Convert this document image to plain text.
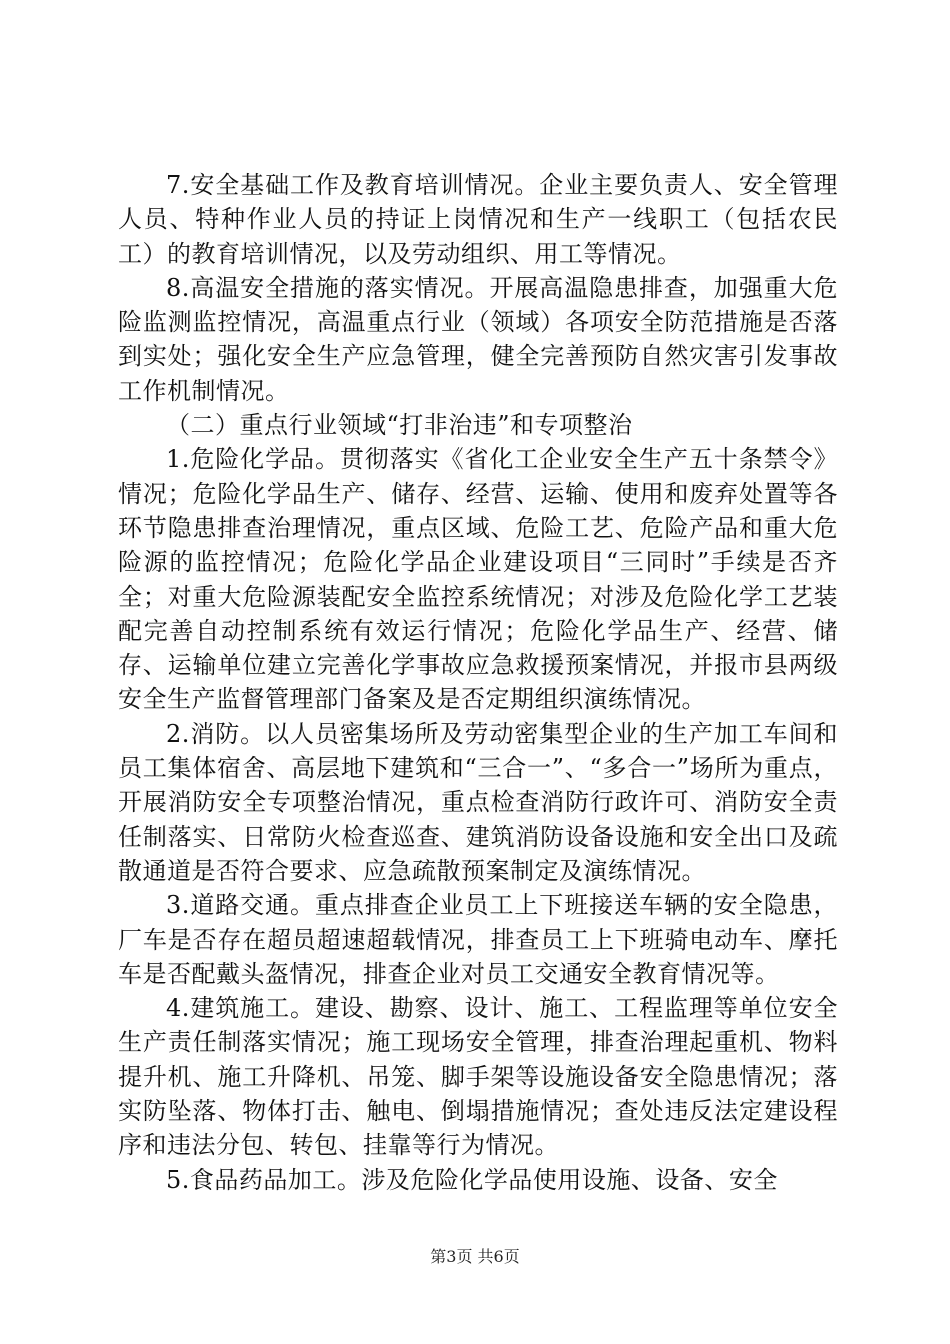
7.安全基础工作及教育培训情况。企业主要负责人、安全管理人员、特种作业人员的持证上岗情况和生产一线职工（包括农民工）的教育培训情况，以及劳动组织、用工等情况。

8.高温安全措施的落实情况。开展高温隐患排查，加强重大危险监测监控情况，高温重点行业（领域）各项安全防范措施是否落到实处；强化安全生产应急管理，健全完善预防自然灾害引发事故工作机制情况。

（二）重点行业领域“打非治违”和专项整治

1.危险化学品。贯彻落实《省化工企业安全生产五十条禁令》情况；危险化学品生产、储存、经营、运输、使用和废弃处置等各环节隐患排查治理情况，重点区域、危险工艺、危险产品和重大危险源的监控情况；危险化学品企业建设项目“三同时”手续是否齐全；对重大危险源装配安全监控系统情况；对涉及危险化学工艺装配完善自动控制系统有效运行情况；危险化学品生产、经营、储存、运输单位建立完善化学事故应急救援预案情况，并报市县两级安全生产监督管理部门备案及是否定期组织演练情况。

2.消防。以人员密集场所及劳动密集型企业的生产加工车间和员工集体宿舍、高层地下建筑和“三合一”、“多合一”场所为重点，开展消防安全专项整治情况，重点检查消防行政许可、消防安全责任制落实、日常防火检查巡查、建筑消防设备设施和安全出口及疏散通道是否符合要求、应急疏散预案制定及演练情况。

3.道路交通。重点排查企业员工上下班接送车辆的安全隐患，厂车是否存在超员超速超载情况，排查员工上下班骑电动车、摩托车是否配戴头盔情况，排查企业对员工交通安全教育情况等。

4.建筑施工。建设、勘察、设计、施工、工程监理等单位安全生产责任制落实情况；施工现场安全管理，排查治理起重机、物料提升机、施工升降机、吊笼、脚手架等设施设备安全隐患情况；落实防坠落、物体打击、触电、倒塌措施情况；查处违反法定建设程序和违法分包、转包、挂靠等行为情况。

5.食品药品加工。涉及危险化学品使用设施、设备、安全

第3页 共6页
